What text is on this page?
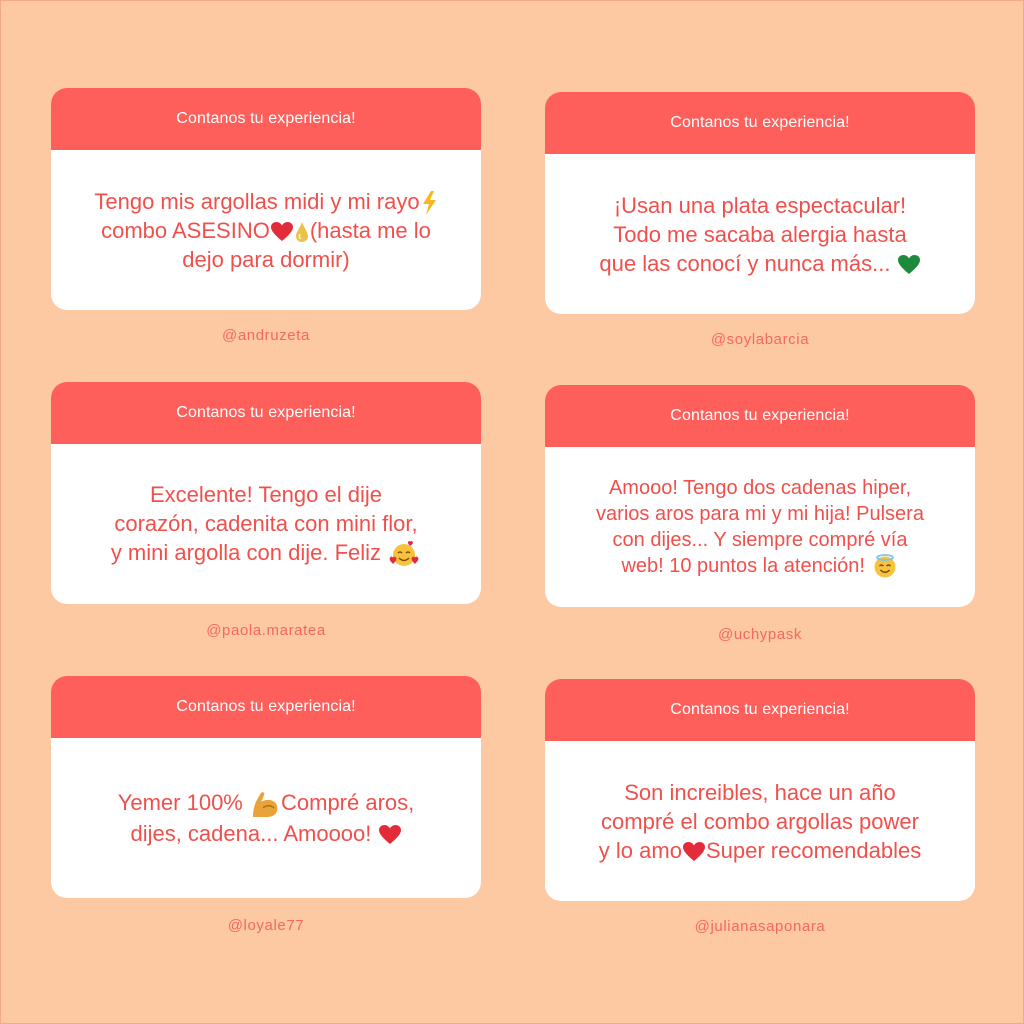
Contanos tu experiencia!
Tengo mis argollas midi y mi rayo
combo ASESINO (hasta me lo
dejo para dormir)
@andruzeta
Contanos tu experiencia!
¡Usan una plata espectacular!
Todo me sacaba alergia hasta
que las conocí y nunca más...
@soylabarcia
Contanos tu experiencia!
Excelente! Tengo el dije
corazón, cadenita con mini flor,
y mini argolla con dije. Feliz
@paola.maratea
Contanos tu experiencia!
Amooo! Tengo dos cadenas hiper,
varios aros para mi y mi hija! Pulsera
con dijes... Y siempre compré vía
web! 10 puntos la atención!
@uchypask
Contanos tu experiencia!
Yemer 100% Compré aros,
dijes, cadena... Amoooo!
@loyale77
Contanos tu experiencia!
Son increibles, hace un año
compré el combo argollas power
y lo amo Super recomendables
@julianasaponara
